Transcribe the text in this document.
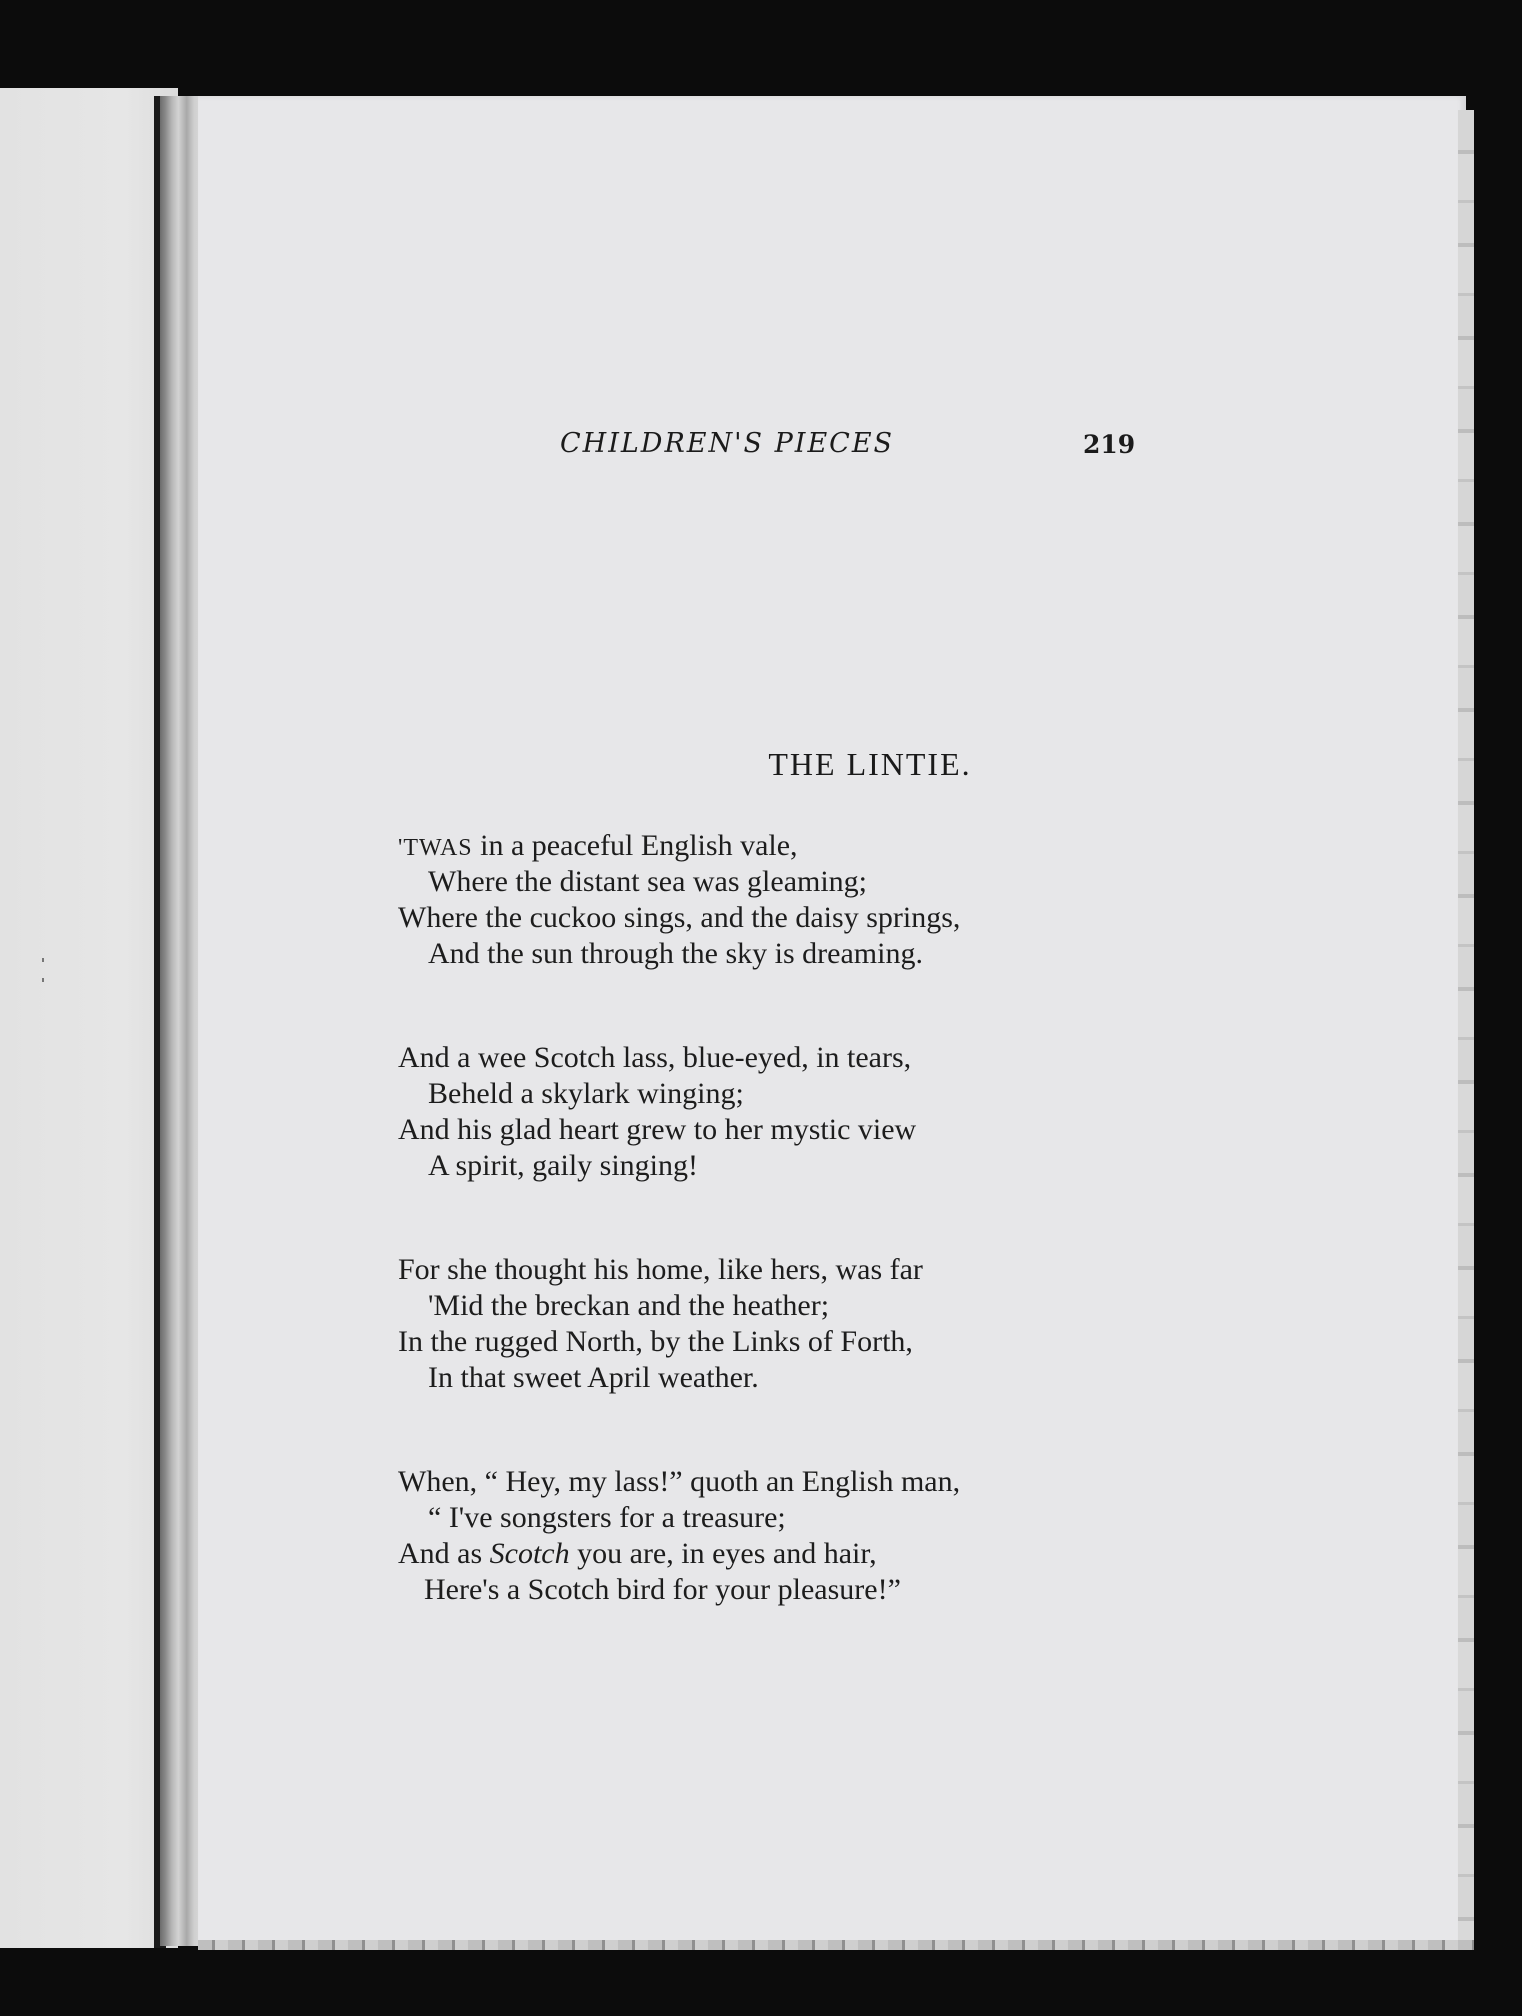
CHILDREN'S PIECES	219
THE LINTIE.
'TWAS in a peaceful English vale,
Where the distant sea was gleaming;
Where the cuckoo sings, and the daisy springs,
And the sun through the sky is dreaming.
And a wee Scotch lass, blue-eyed, in tears,
Beheld a skylark winging;
And his glad heart grew to her mystic view
A spirit, gaily singing!
For she thought his home, like hers, was far
'Mid the breckan and the heather;
In the rugged North, by the Links of Forth,
In that sweet April weather.
When, “ Hey, my lass!” quoth an English man,
“ I've songsters for a treasure;
And as Scotch you are, in eyes and hair,
Here's a Scotch bird for your pleasure!”
